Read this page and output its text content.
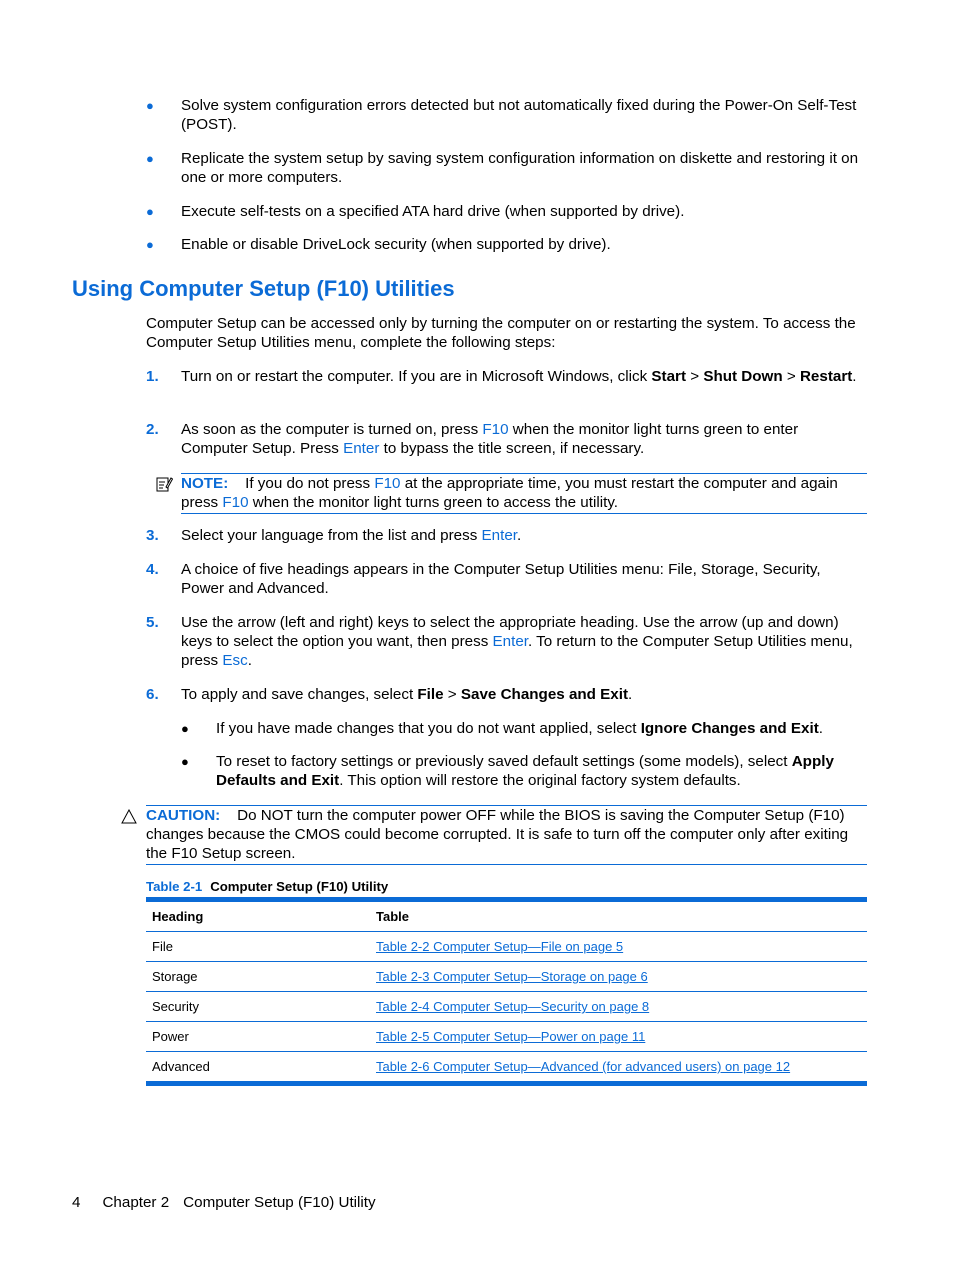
● Solve system configuration errors detected but not automatically fixed during the Power-On Self-Test (POST).
● Replicate the system setup by saving system configuration information on diskette and restoring it on one or more computers.
● Execute self-tests on a specified ATA hard drive (when supported by drive).
● Enable or disable DriveLock security (when supported by drive).
Using Computer Setup (F10) Utilities
Computer Setup can be accessed only by turning the computer on or restarting the system. To access the Computer Setup Utilities menu, complete the following steps:
1. Turn on or restart the computer. If you are in Microsoft Windows, click Start > Shut Down > Restart.
2. As soon as the computer is turned on, press F10 when the monitor light turns green to enter Computer Setup. Press Enter to bypass the title screen, if necessary.
NOTE: If you do not press F10 at the appropriate time, you must restart the computer and again press F10 when the monitor light turns green to access the utility.
3. Select your language from the list and press Enter.
4. A choice of five headings appears in the Computer Setup Utilities menu: File, Storage, Security, Power and Advanced.
5. Use the arrow (left and right) keys to select the appropriate heading. Use the arrow (up and down) keys to select the option you want, then press Enter. To return to the Computer Setup Utilities menu, press Esc.
6. To apply and save changes, select File > Save Changes and Exit.
● If you have made changes that you do not want applied, select Ignore Changes and Exit.
● To reset to factory settings or previously saved default settings (some models), select Apply Defaults and Exit. This option will restore the original factory system defaults.
CAUTION: Do NOT turn the computer power OFF while the BIOS is saving the Computer Setup (F10) changes because the CMOS could become corrupted. It is safe to turn off the computer only after exiting the F10 Setup screen.
Table 2-1 Computer Setup (F10) Utility
Heading	Table
File	Table 2-2 Computer Setup—File on page 5
Storage	Table 2-3 Computer Setup—Storage on page 6
Security	Table 2-4 Computer Setup—Security on page 8
Power	Table 2-5 Computer Setup—Power on page 11
Advanced	Table 2-6 Computer Setup—Advanced (for advanced users) on page 12
4 Chapter 2 Computer Setup (F10) Utility
